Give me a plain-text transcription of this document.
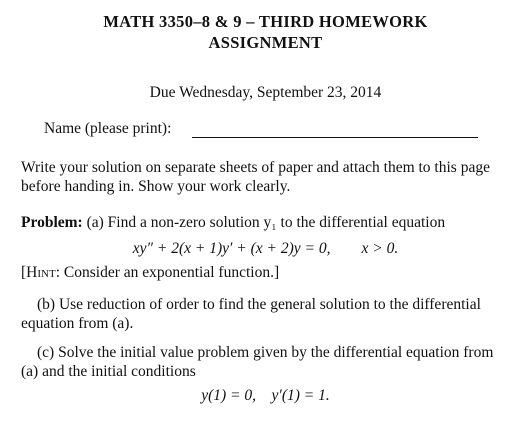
MATH 3350–8 & 9 – THIRD HOMEWORK
ASSIGNMENT
Due Wednesday, September 23, 2014
Name (please print):

Write your solution on separate sheets of paper and attach them to this page before handing in. Show your work clearly.

Problem: (a) Find a non-zero solution y₁ to the differential equation

xy″ + 2(x + 1)y′ + (x + 2)y = 0,        x > 0.

[Hint: Consider an exponential function.]

(b) Use reduction of order to find the general solution to the differential equation from (a).

(c) Solve the initial value problem given by the differential equation from (a) and the initial conditions

y(1) = 0,    y′(1) = 1.
